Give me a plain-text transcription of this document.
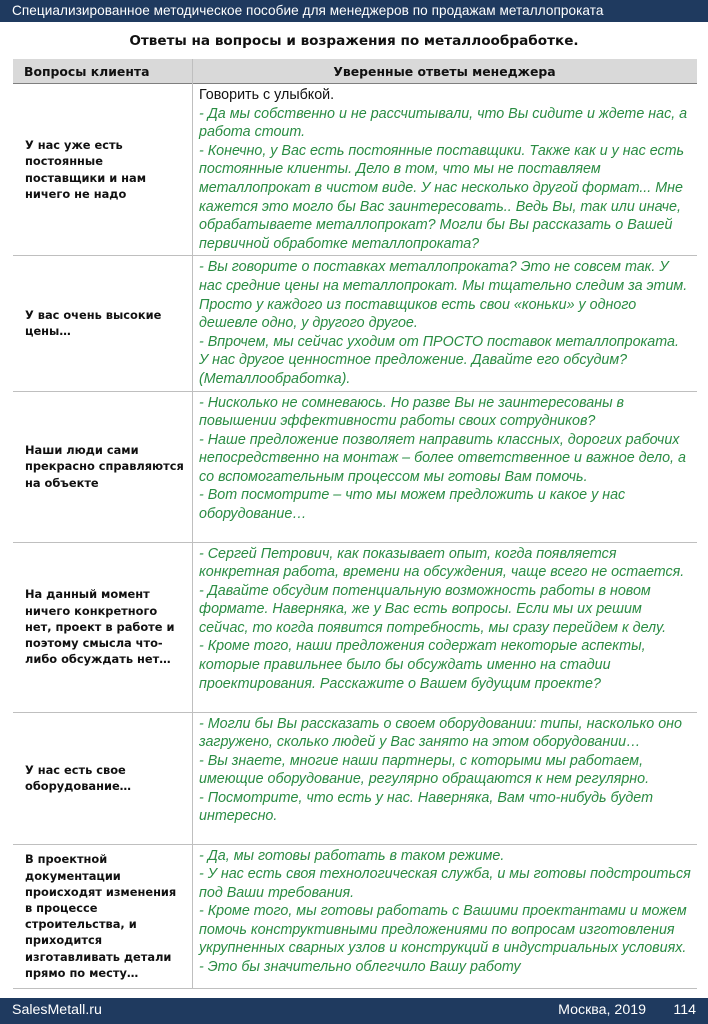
Специализированное методическое пособие для менеджеров по продажам металлопроката
Ответы на вопросы и возражения по металлообработке.
Вопросы клиента	Уверенные ответы менеджера
У нас уже есть постоянные поставщики и нам ничего не надо	Говорить с улыбкой.
- Да мы собственно и не рассчитывали, что Вы сидите и ждете нас, а работа стоит.
- Конечно, у Вас есть постоянные поставщики. Также как и у нас есть постоянные клиенты. Дело в том, что мы не поставляем металлопрокат в чистом виде. У нас несколько другой формат... Мне кажется это могло бы Вас заинтересовать.. Ведь Вы, так или иначе, обрабатываете металлопрокат? Могли бы Вы рассказать о Вашей первичной обработке металлопроката?

У вас очень высокие цены…	- Вы говорите о поставках металлопроката? Это не совсем так. У нас средние цены на металлопрокат. Мы тщательно следим за этим. Просто у каждого из поставщиков есть свои «коньки» у одного дешевле одно, у другого другое.
- Впрочем, мы сейчас уходим от ПРОСТО поставок металлопроката. У нас другое ценностное предложение. Давайте его обсудим? (Металлообработка).

Наши люди сами прекрасно справляются на объекте	- Нисколько не сомневаюсь. Но разве Вы не заинтересованы в повышении эффективности работы своих сотрудников?
- Наше предложение позволяет направить классных, дорогих рабочих непосредственно на монтаж – более ответственное и важное дело, а со вспомогательным процессом мы готовы Вам помочь.
- Вот посмотрите – что мы можем предложить и какое у нас оборудование…

На данный момент ничего конкретного нет, проект в работе и поэтому смысла что-либо обсуждать нет…	- Сергей Петрович, как показывает опыт, когда появляется конкретная работа, времени на обсуждения, чаще всего не остается.
- Давайте обсудим потенциальную возможность работы в новом формате. Наверняка, же у Вас есть вопросы. Если мы их решим сейчас, то когда появится потребность, мы сразу перейдем к делу.
- Кроме того, наши предложения содержат некоторые аспекты, которые правильнее было бы обсуждать именно на стадии проектирования. Расскажите о Вашем будущим проекте?

У нас есть свое оборудование…	- Могли бы Вы рассказать о своем оборудовании: типы, насколько оно загружено, сколько людей у Вас занято на этом оборудовании…
- Вы знаете, многие наши партнеры, с которыми мы работаем, имеющие оборудование, регулярно обращаются к нем регулярно.
- Посмотрите, что есть у нас. Наверняка, Вам что-нибудь будет интересно.

В проектной документации происходят изменения в процессе строительства, и приходится изготавливать детали прямо по месту…	- Да, мы готовы работать в таком режиме.
- У нас есть своя технологическая служба, и мы готовы подстроиться под Ваши требования.
- Кроме того, мы готовы работать с Вашими проектантами и можем помочь конструктивными предложениями по вопросам изготовления укрупненных сварных узлов и конструкций в индустриальных условиях.
- Это бы значительно облегчило Вашу работу
SalesMetall.ru	Москва, 2019 114
